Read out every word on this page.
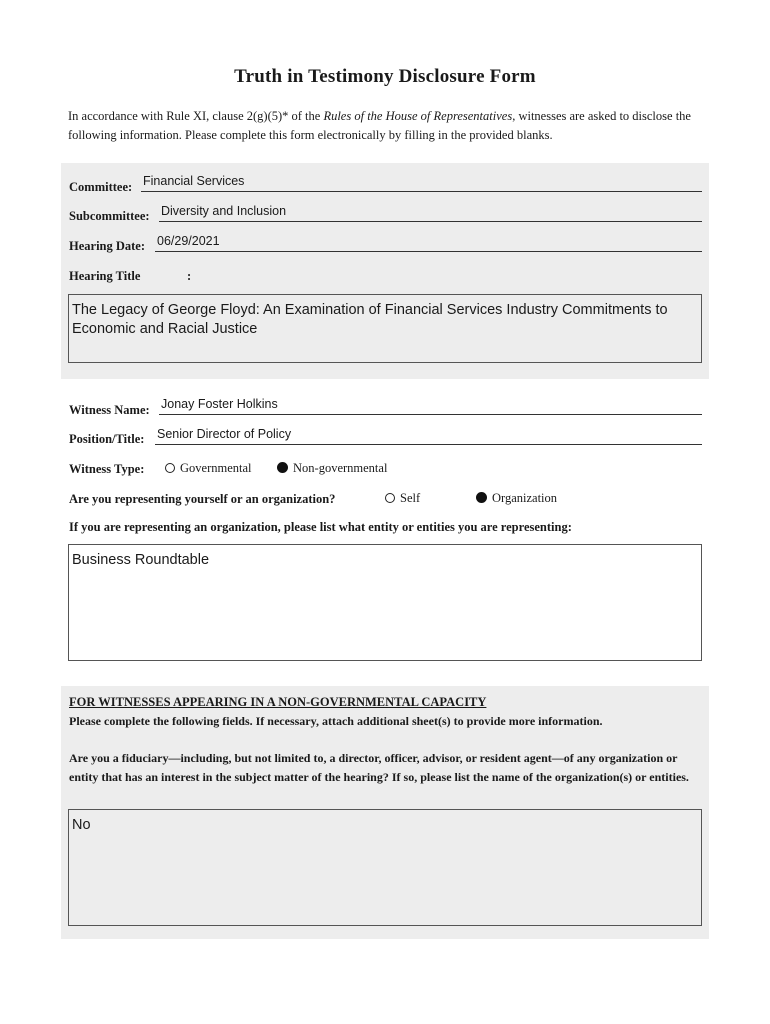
Truth in Testimony Disclosure Form
In accordance with Rule XI, clause 2(g)(5)* of the Rules of the House of Representatives, witnesses are asked to disclose the following information. Please complete this form electronically by filling in the provided blanks.
Committee: Financial Services
Subcommittee: Diversity and Inclusion
Hearing Date: 06/29/2021
Hearing Title	:
The Legacy of George Floyd: An Examination of Financial Services Industry Commitments to Economic and Racial Justice
Witness Name: Jonay Foster Holkins
Position/Title: Senior Director of Policy
Witness Type:	Governmental	Non-governmental
Are you representing yourself or an organization?	Self	Organization
If you are representing an organization, please list what entity or entities you are representing:
Business Roundtable
FOR WITNESSES APPEARING IN A NON-GOVERNMENTAL CAPACITY
Please complete the following fields. If necessary, attach additional sheet(s) to provide more information.
Are you a fiduciary—including, but not limited to, a director, officer, advisor, or resident agent—of any organization or entity that has an interest in the subject matter of the hearing? If so, please list the name of the organization(s) or entities.
No
